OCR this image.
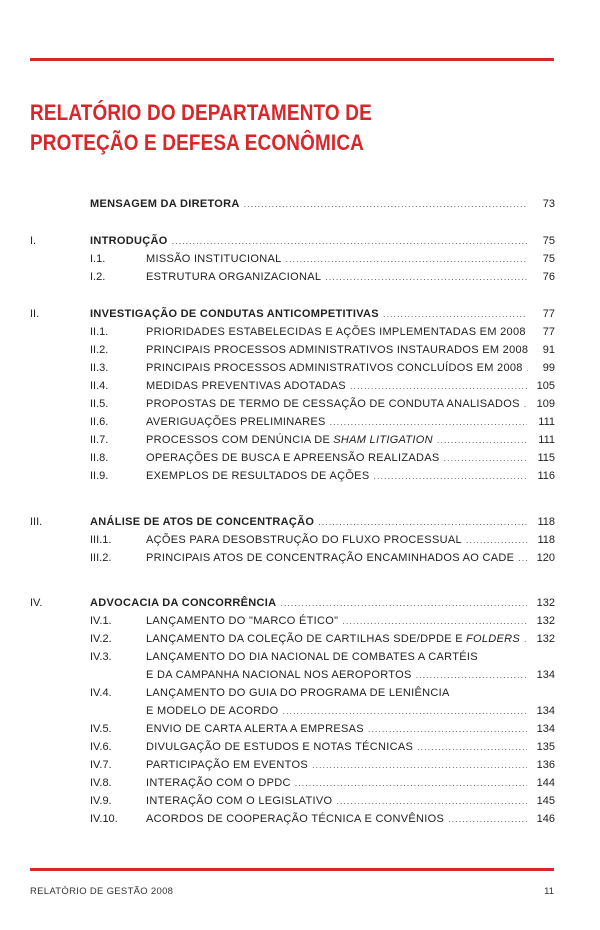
RELATÓRIO DO DEPARTAMENTO DE
PROTEÇÃO E DEFESA ECONÔMICA
MENSAGEM DA DIRETORA .....	73
I.	INTRODUÇÃO .....	75
I.1.	MISSÃO INSTITUCIONAL .....	75
I.2.	ESTRUTURA ORGANIZACIONAL .....	76
II.	INVESTIGAÇÃO DE CONDUTAS ANTICOMPETITIVAS .....	77
II.1.	PRIORIDADES ESTABELECIDAS E AÇÕES IMPLEMENTADAS EM 2008	77
II.2.	PRINCIPAIS PROCESSOS ADMINISTRATIVOS INSTAURADOS EM 2008	91
II.3.	PRINCIPAIS PROCESSOS ADMINISTRATIVOS CONCLUÍDOS EM 2008 .....	99
II.4.	MEDIDAS PREVENTIVAS ADOTADAS .....	105
II.5.	PROPOSTAS DE TERMO DE CESSAÇÃO DE CONDUTA ANALISADOS .....	109
II.6.	AVERIGUAÇÕES PRELIMINARES .....	111
II.7.	PROCESSOS COM DENÚNCIA DE
SHAM LITIGATION .....	111
II.8.	OPERAÇÕES DE BUSCA E APREENSÃO REALIZADAS .....	115
II.9.	EXEMPLOS DE RESULTADOS DE AÇÕES .....	116
III.	ANÁLISE DE ATOS DE CONCENTRAÇÃO .....	118
III.1.	AÇÕES PARA DESOBSTRUÇÃO DO FLUXO PROCESSUAL .....	118
III.2.	PRINCIPAIS ATOS DE CONCENTRAÇÃO ENCAMINHADOS AO CADE .....	120
IV.	ADVOCACIA DA CONCORRÊNCIA .....	132
IV.1.	LANÇAMENTO DO "MARCO ÉTICO" .....	132
IV.2.	LANÇAMENTO DA COLEÇÃO DE CARTILHAS SDE/DPDE E
FOLDERS .....	132
IV.3.	LANÇAMENTO DO DIA NACIONAL DE COMBATES A CARTÉIS
E DA CAMPANHA NACIONAL NOS AEROPORTOS .....	134
IV.4.	LANÇAMENTO DO GUIA DO PROGRAMA DE LENIÊNCIA
E MODELO DE ACORDO .....	134
IV.5.	ENVIO DE CARTA ALERTA A EMPRESAS .....	134
IV.6.	DIVULGAÇÃO DE ESTUDOS E NOTAS TÉCNICAS .....	135
IV.7.	PARTICIPAÇÃO EM EVENTOS .....	136
IV.8.	INTERAÇÃO COM O DPDC .....	144
IV.9.	INTERAÇÃO COM O LEGISLATIVO .....	145
IV.10.	ACORDOS DE COOPERAÇÃO TÉCNICA E CONVÊNIOS .....	146
RELATÓRIO DE GESTÃO 2008	11
